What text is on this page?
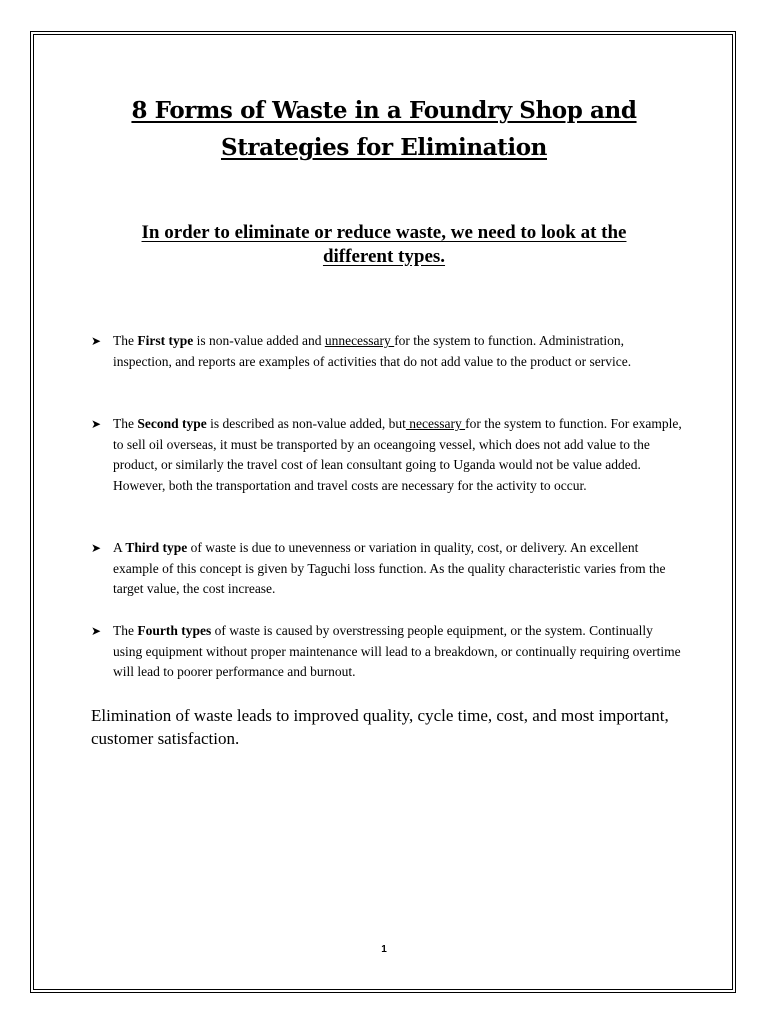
8 Forms of Waste in a Foundry Shop and
Strategies for Elimination
In order to eliminate or reduce waste, we need to look at the
different types.
➤ The First type is non-value added and unnecessary for the system to function. Administration, inspection, and reports are examples of activities that do not add value to the product or service.
➤ The Second type is described as non-value added, but necessary for the system to function. For example, to sell oil overseas, it must be transported by an oceangoing vessel, which does not add value to the product, or similarly the travel cost of lean consultant going to Uganda would not be value added. However, both the transportation and travel costs are necessary for the activity to occur.
➤ A Third type of waste is due to unevenness or variation in quality, cost, or delivery. An excellent example of this concept is given by Taguchi loss function. As the quality characteristic varies from the target value, the cost increase.
➤ The Fourth types of waste is caused by overstressing people equipment, or the system. Continually using equipment without proper maintenance will lead to a breakdown, or continually requiring overtime will lead to poorer performance and burnout.

Elimination of waste leads to improved quality, cycle time, cost, and most important, customer satisfaction.

1
